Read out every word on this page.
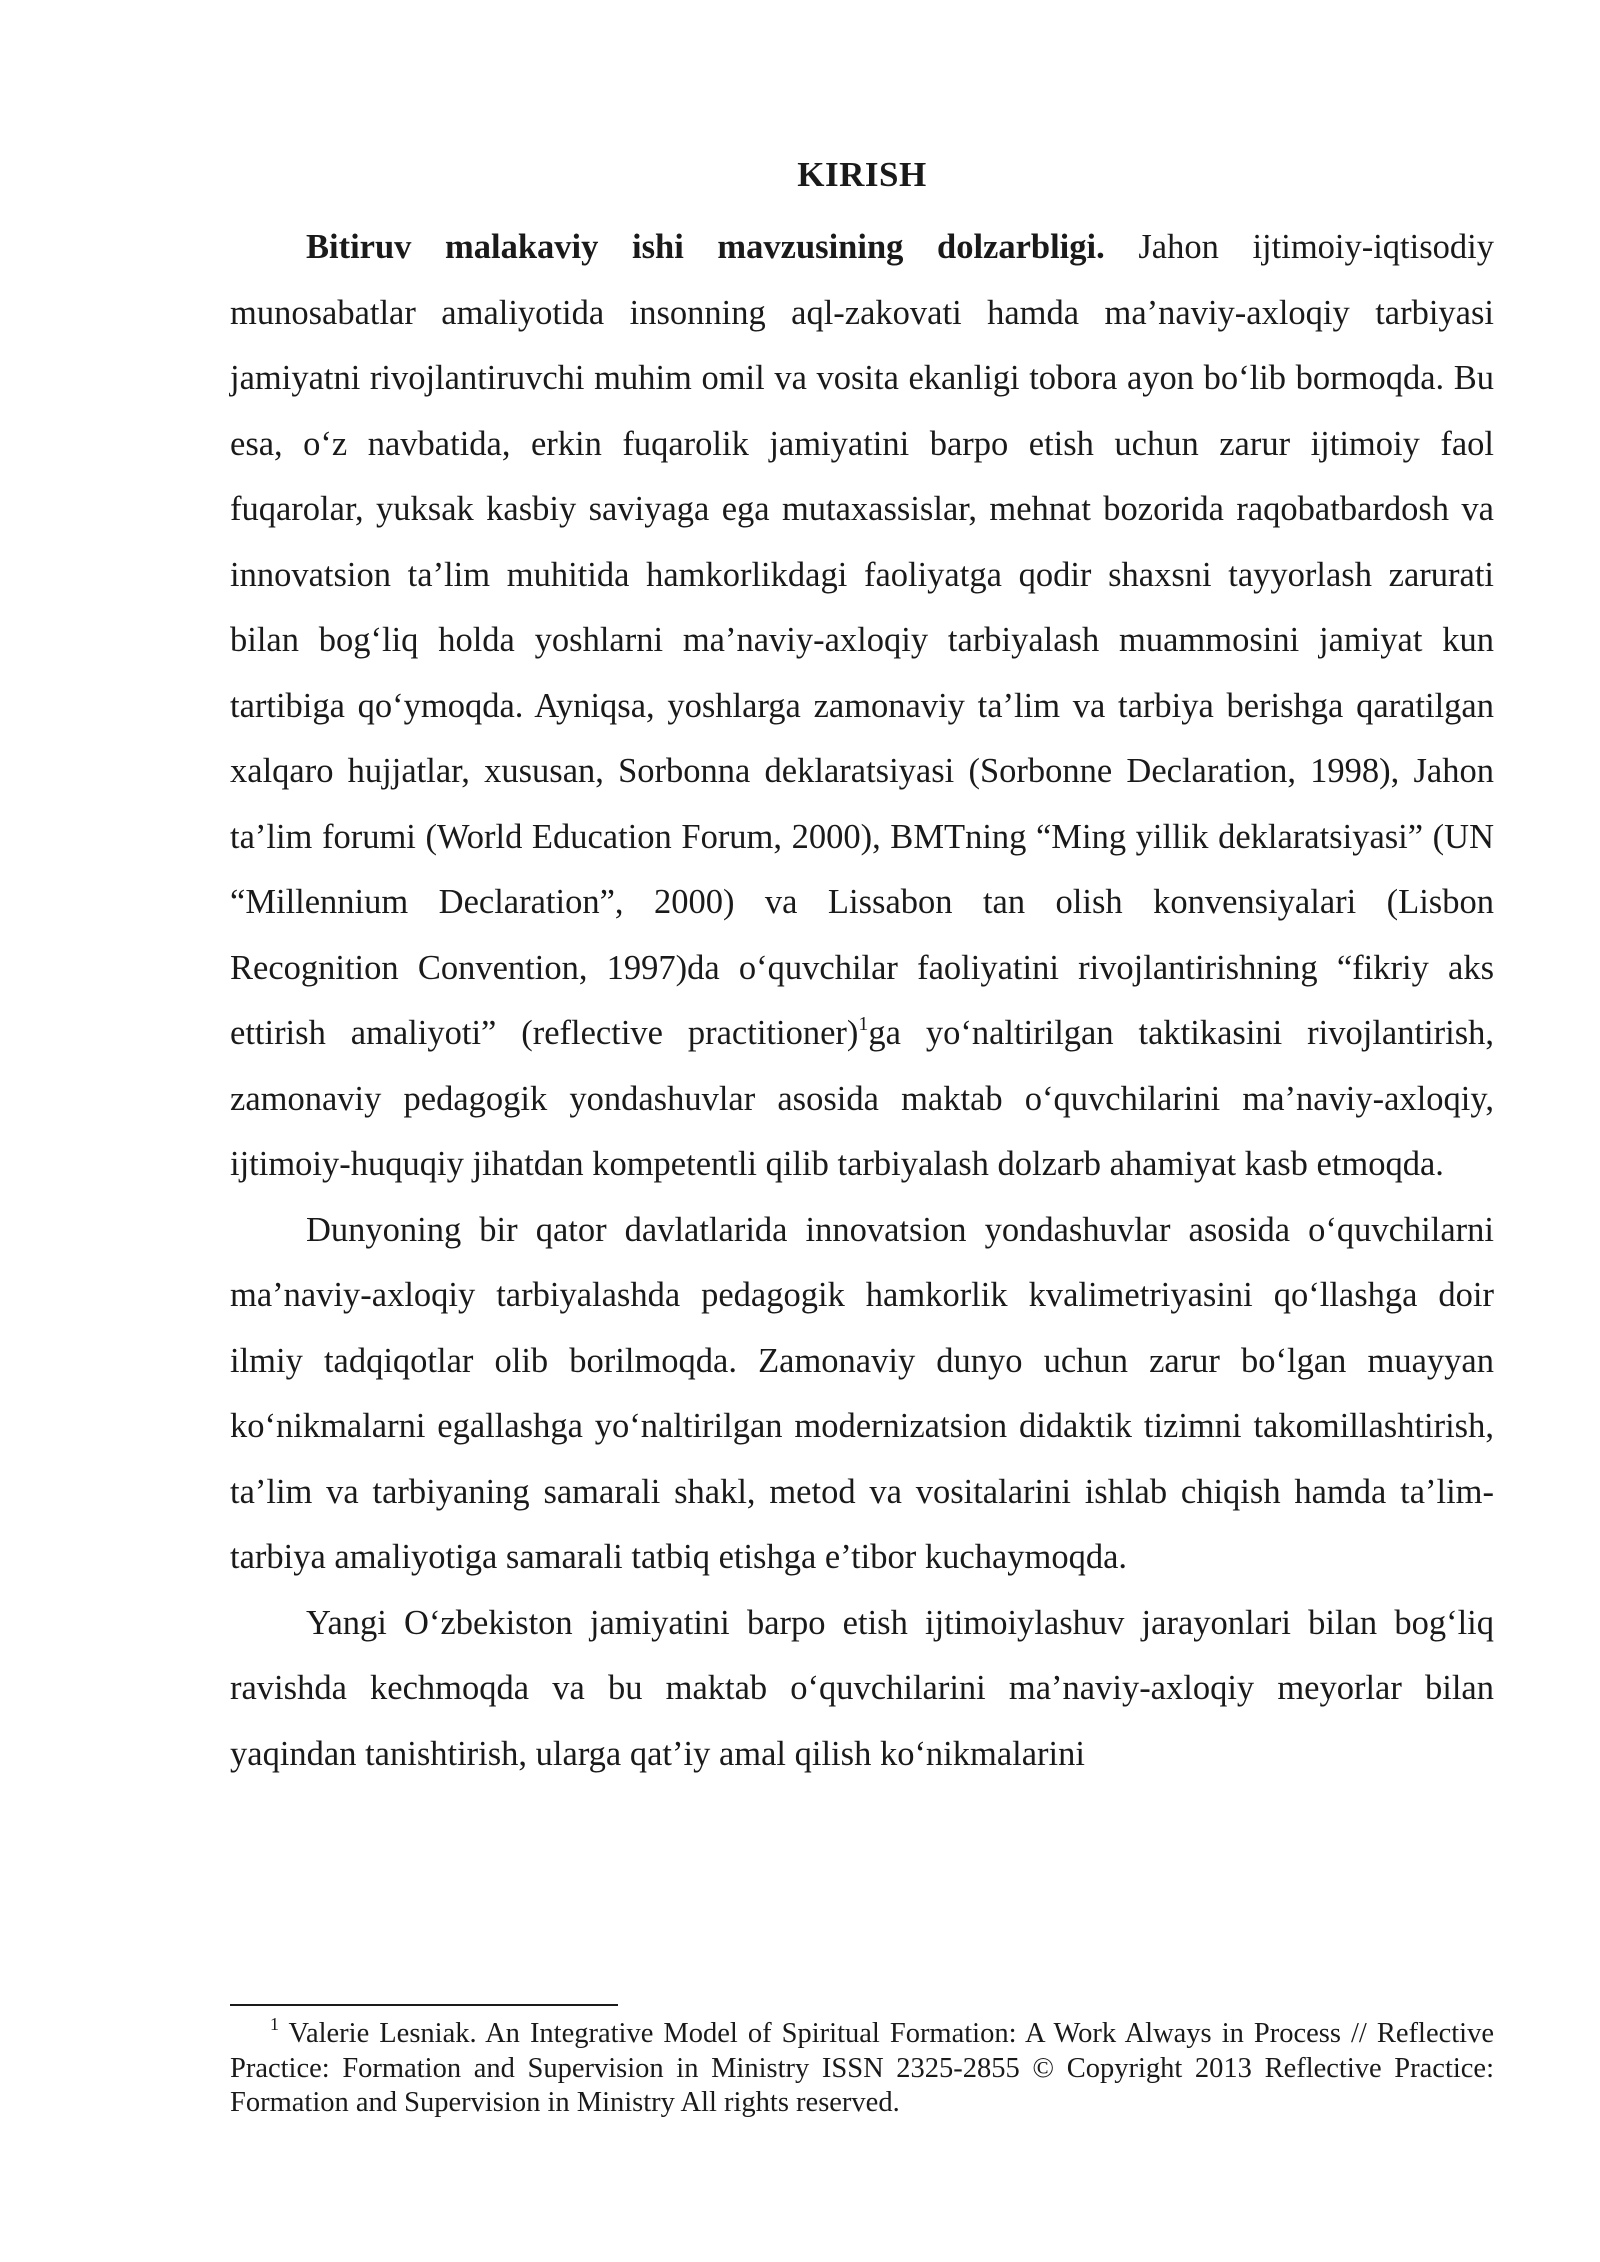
KIRISH

Bitiruv malakaviy ishi mavzusining dolzarbligi. Jahon ijtimoiy-iqtisodiy munosabatlar amaliyotida insonning aql-zakovati hamda ma’naviy-axloqiy tarbiyasi jamiyatni rivojlantiruvchi muhim omil va vosita ekanligi tobora ayon bo‘lib bormoqda. Bu esa, o‘z navbatida, erkin fuqarolik jamiyatini barpo etish uchun zarur ijtimoiy faol fuqarolar, yuksak kasbiy saviyaga ega mutaxassislar, mehnat bozorida raqobatbardosh va innovatsion ta’lim muhitida hamkorlikdagi faoliyatga qodir shaxsni tayyorlash zarurati bilan bog‘liq holda yoshlarni ma’naviy-axloqiy tarbiyalash muammosini jamiyat kun tartibiga qo‘ymoqda. Ayniqsa, yoshlarga zamonaviy ta’lim va tarbiya berishga qaratilgan xalqaro hujjatlar, xususan, Sorbonna deklaratsiyasi (Sorbonne Declaration, 1998), Jahon ta’lim forumi (World Education Forum, 2000), BMTning “Ming yillik deklaratsiyasi” (UN “Millennium Declaration”, 2000) va Lissabon tan olish konvensiyalari (Lisbon Recognition Convention, 1997)da o‘quvchilar faoliyatini rivojlantirishning “fikriy aks ettirish amaliyoti” (reflective practitioner)$^1$ga yo‘naltirilgan taktikasini rivojlantirish, zamonaviy pedagogik yondashuvlar asosida maktab o‘quvchilarini ma’naviy-axloqiy, ijtimoiy-huquqiy jihatdan kompetentli qilib tarbiyalash dolzarb ahamiyat kasb etmoqda.

Dunyoning bir qator davlatlarida innovatsion yondashuvlar asosida o‘quvchilarni ma’naviy-axloqiy tarbiyalashda pedagogik hamkorlik kvalimetriyasini qo‘llashga doir ilmiy tadqiqotlar olib borilmoqda. Zamonaviy dunyo uchun zarur bo‘lgan muayyan ko‘nikmalarni egallashga yo‘naltirilgan modernizatsion didaktik tizimni takomillashtirish, ta’lim va tarbiyaning samarali shakl, metod va vositalarini ishlab chiqish hamda ta’lim-tarbiya amaliyotiga samarali tatbiq etishga e’tibor kuchaymoqda.

Yangi O‘zbekiston jamiyatini barpo etish ijtimoiylashuv jarayonlari bilan bog‘liq ravishda kechmoqda va bu maktab o‘quvchilarini ma’naviy-axloqiy meyorlar bilan yaqindan tanishtirish, ularga qat’iy amal qilish ko‘nikmalarini

$^1$ Valerie Lesniak. An Integrative Model of Spiritual Formation: A Work Always in Process // Reflective Practice: Formation and Supervision in Ministry ISSN 2325-2855 © Copyright 2013 Reflective Practice: Formation and Supervision in Ministry All rights reserved.
